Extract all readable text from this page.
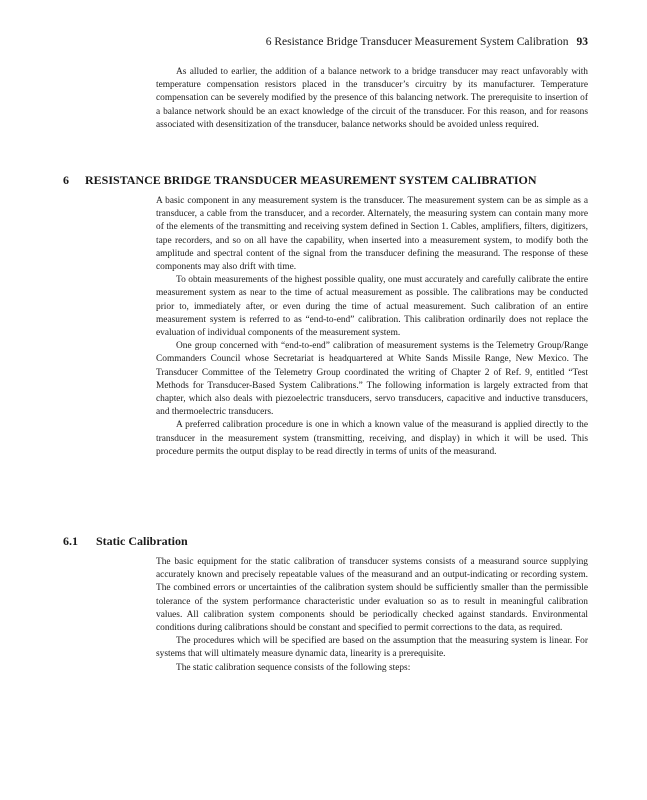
6 Resistance Bridge Transducer Measurement System Calibration 93

As alluded to earlier, the addition of a balance network to a bridge transducer may react unfavorably with temperature compensation resistors placed in the transducer’s circuitry by its manufacturer. Temperature compensation can be severely modified by the presence of this balancing network. The prerequisite to insertion of a balance network should be an exact knowledge of the circuit of the transducer. For this reason, and for reasons associated with desensitization of the transducer, balance networks should be avoided unless required.

6 RESISTANCE BRIDGE TRANSDUCER MEASUREMENT SYSTEM CALIBRATION

A basic component in any measurement system is the transducer. The measurement system can be as simple as a transducer, a cable from the transducer, and a recorder. Alternately, the measuring system can contain many more of the elements of the transmitting and receiving system defined in Section 1. Cables, amplifiers, filters, digitizers, tape recorders, and so on all have the capability, when inserted into a measurement system, to modify both the amplitude and spectral content of the signal from the transducer defining the measurand. The response of these components may also drift with time.

To obtain measurements of the highest possible quality, one must accurately and carefully calibrate the entire measurement system as near to the time of actual measurement as possible. The calibrations may be conducted prior to, immediately after, or even during the time of actual measurement. Such calibration of an entire measurement system is referred to as “end-to-end” calibration. This calibration ordinarily does not replace the evaluation of individual components of the measurement system.

One group concerned with “end-to-end” calibration of measurement systems is the Telemetry Group/Range Commanders Council whose Secretariat is headquartered at White Sands Missile Range, New Mexico. The Transducer Committee of the Telemetry Group coordinated the writing of Chapter 2 of Ref. 9, entitled “Test Methods for Transducer-Based System Calibrations.” The following information is largely extracted from that chapter, which also deals with piezoelectric transducers, servo transducers, capacitive and inductive transducers, and thermoelectric transducers.

A preferred calibration procedure is one in which a known value of the measurand is applied directly to the transducer in the measurement system (transmitting, receiving, and display) in which it will be used. This procedure permits the output display to be read directly in terms of units of the measurand.

6.1 Static Calibration

The basic equipment for the static calibration of transducer systems consists of a measurand source supplying accurately known and precisely repeatable values of the measurand and an output-indicating or recording system. The combined errors or uncertainties of the calibration system should be sufficiently smaller than the permissible tolerance of the system performance characteristic under evaluation so as to result in meaningful calibration values. All calibration system components should be periodically checked against standards. Environmental conditions during calibrations should be constant and specified to permit corrections to the data, as required.

The procedures which will be specified are based on the assumption that the measuring system is linear. For systems that will ultimately measure dynamic data, linearity is a prerequisite.

The static calibration sequence consists of the following steps:
